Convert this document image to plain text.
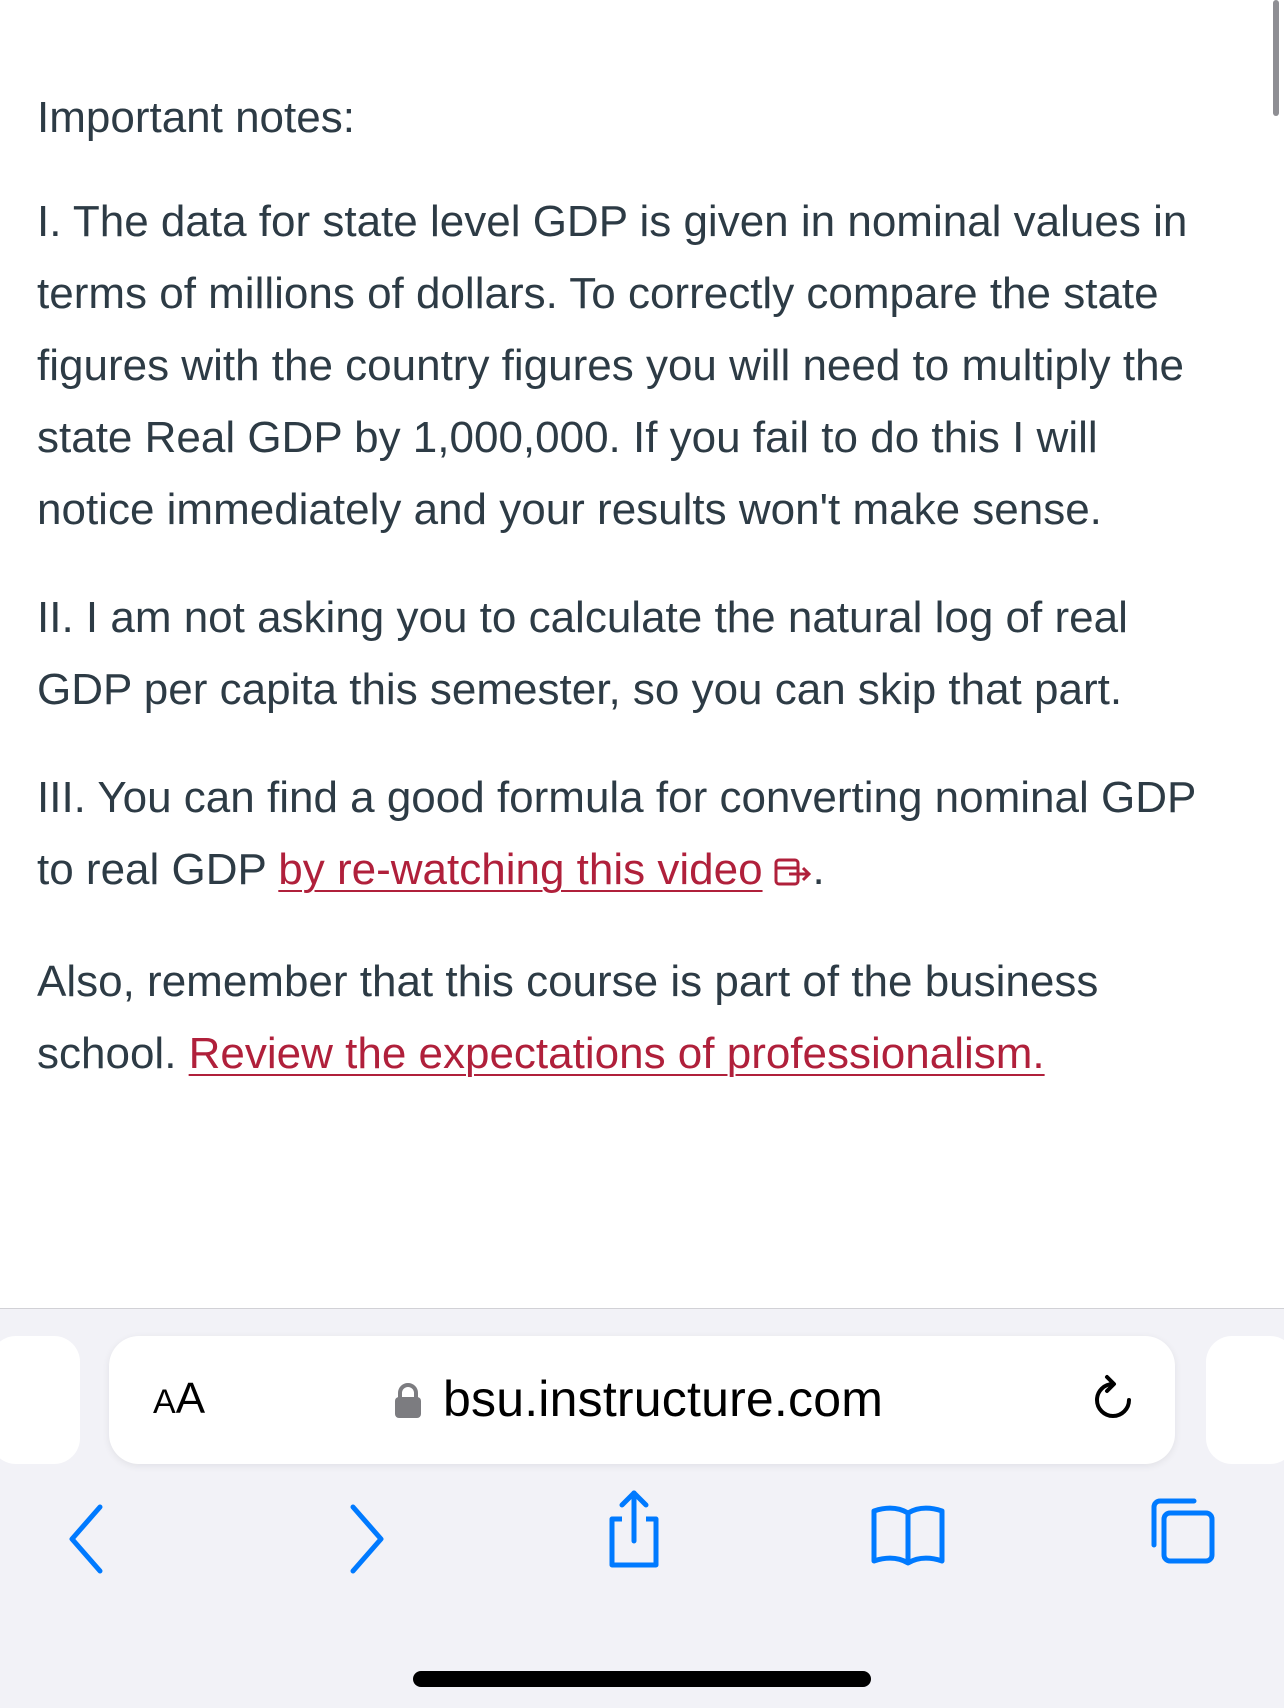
Important notes:

I. The data for state level GDP is given in nominal values in terms of millions of dollars. To correctly compare the state figures with the country figures you will need to multiply the state Real GDP by 1,000,000. If you fail to do this I will notice immediately and your results won't make sense.

II. I am not asking you to calculate the natural log of real GDP per capita this semester, so you can skip that part.

III. You can find a good formula for converting nominal GDP to real GDP by re-watching this video .

Also, remember that this course is part of the business school. Review the expectations of professionalism.

AA	bsu.instructure.com
